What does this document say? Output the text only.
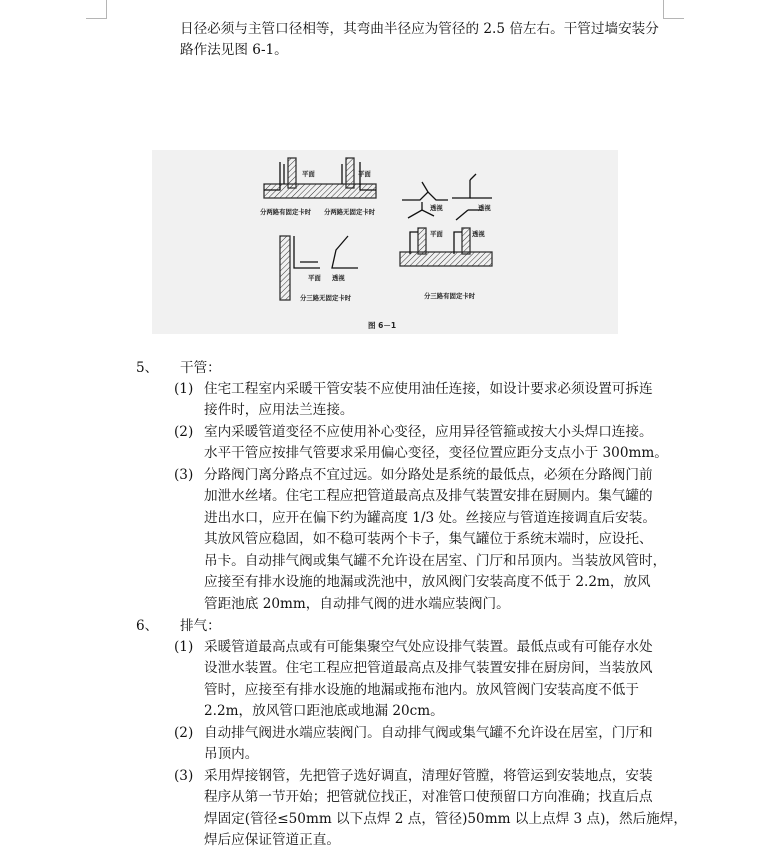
日径必须与主管口径相等，其弯曲半径应为管径的 2.5 倍左右。干管过墙安装分
路作法见图 6-1。
平面	平面
分两路有固定卡时 分两路无固定卡时	透视	透视
平面 透视
分三路无固定卡时
平面	透视
分三路有固定卡时
图 6－1
5、 干管：
(1) 住宅工程室内采暖干管安装不应使用油任连接，如设计要求必须设置可拆连
接件时，应用法兰连接。
(2) 室内采暖管道变径不应使用补心变径，应用异径管箍或按大小头焊口连接。
水平干管应按排气管要求采用偏心变径，变径位置应距分支点小于 300mm。
(3) 分路阀门离分路点不宜过远。如分路处是系统的最低点，必须在分路阀门前
加泄水丝堵。住宅工程应把管道最高点及排气装置安排在厨厕内。集气罐的
进出水口，应开在偏下约为罐高度 1/3 处。丝接应与管道连接调直后安装。
其放风管应稳固，如不稳可装两个卡子，集气罐位于系统末端时，应设托、
吊卡。自动排气阀或集气罐不允许设在居室、门厅和吊顶内。当装放风管时，
应接至有排水设施的地漏或洗池中，放风阀门安装高度不低于 2.2m，放风
管距池底 20mm，自动排气阀的进水端应装阀门。
6、 排气：
(1) 采暖管道最高点或有可能集聚空气处应设排气装置。最低点或有可能存水处
设泄水装置。住宅工程应把管道最高点及排气装置安排在厨房间，当装放风
管时，应接至有排水设施的地漏或拖布池内。放风管阀门安装高度不低于
2.2m，放风管口距池底或地漏 20cm。
(2) 自动排气阀进水端应装阀门。自动排气阀或集气罐不允许设在居室，门厅和
吊顶内。
(3) 采用焊接钢管，先把管子选好调直，清理好管膛，将管运到安装地点，安装
程序从第一节开始；把管就位找正，对准管口使预留口方向准确；找直后点
焊固定(管径≤50mm 以下点焊 2 点，管径)50mm 以上点焊 3 点)，然后施焊，
焊后应保证管道正直。
